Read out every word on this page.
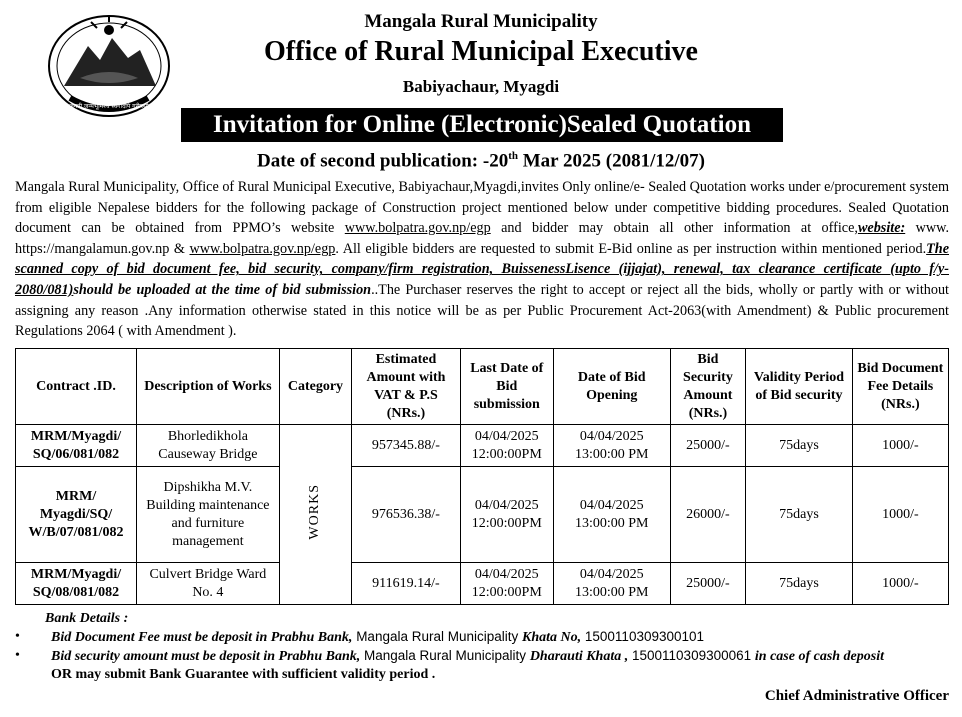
जननी जन्मभूमिश्च स्वर्गादपि गरीयसी
Mangala Rural Municipality
Office of Rural Municipal Executive
Babiyachaur, Myagdi
Invitation for Online (Electronic)Sealed Quotation
Date of second publication: -20th Mar 2025 (2081/12/07)

Mangala Rural Municipality, Office of Rural Municipal Executive, Babiyachaur,Myagdi,invites Only online/e- Sealed Quotation works under e/procurement system from eligible Nepalese bidders for the following package of Construction project mentioned below under competitive bidding procedures. Sealed Quotation document can be obtained from PPMO’s website www.bolpatra.gov.np/egp and bidder may obtain all other information at office,website: www. https://mangalamun.gov.np & www.bolpatra.gov.np/egp. All eligible bidders are requested to submit E-Bid online as per instruction within mentioned period.The scanned copy of bid document fee, bid security, company/firm registration, BuissenessLisence (ijjajat), renewal, tax clearance certificate (upto f/y- 2080/081)should be uploaded at the time of bid submission..The Purchaser reserves the right to accept or reject all the bids, wholly or partly with or without assigning any reason .Any information otherwise stated in this notice will be as per Public Procurement Act-2063(with Amendment) & Public procurement Regulations 2064 ( with Amendment ).

Contract .ID.	Description of Works	Category	Estimated Amount with VAT & P.S (NRs.)	Last Date of Bid submission	Date of Bid Opening	Bid Security Amount (NRs.)	Validity Period of Bid security	Bid Document Fee Details (NRs.)
MRM/Myagdi/ SQ/06/081/082	Bhorledikhola Causeway Bridge	WORKS	957345.88/-	04/04/2025 12:00:00PM	04/04/2025 13:00:00 PM	25000/-	75days	1000/-
MRM/ Myagdi/SQ/ W/B/07/081/082	Dipshikha M.V. Building maintenance and furniture management		976536.38/-	04/04/2025 12:00:00PM	04/04/2025 13:00:00 PM	26000/-	75days	1000/-
MRM/Myagdi/ SQ/08/081/082	Culvert Bridge Ward No. 4		911619.14/-	04/04/2025 12:00:00PM	04/04/2025 13:00:00 PM	25000/-	75days	1000/-
Bank Details :
• Bid Document Fee must be deposit in Prabhu Bank, Mangala Rural Municipality Khata No, 1500110309300101
• Bid security amount must be deposit in Prabhu Bank, Mangala Rural Municipality Dharauti Khata , 1500110309300061 in case of cash deposit
OR may submit Bank Guarantee with sufficient validity period .
Chief Administrative Officer
